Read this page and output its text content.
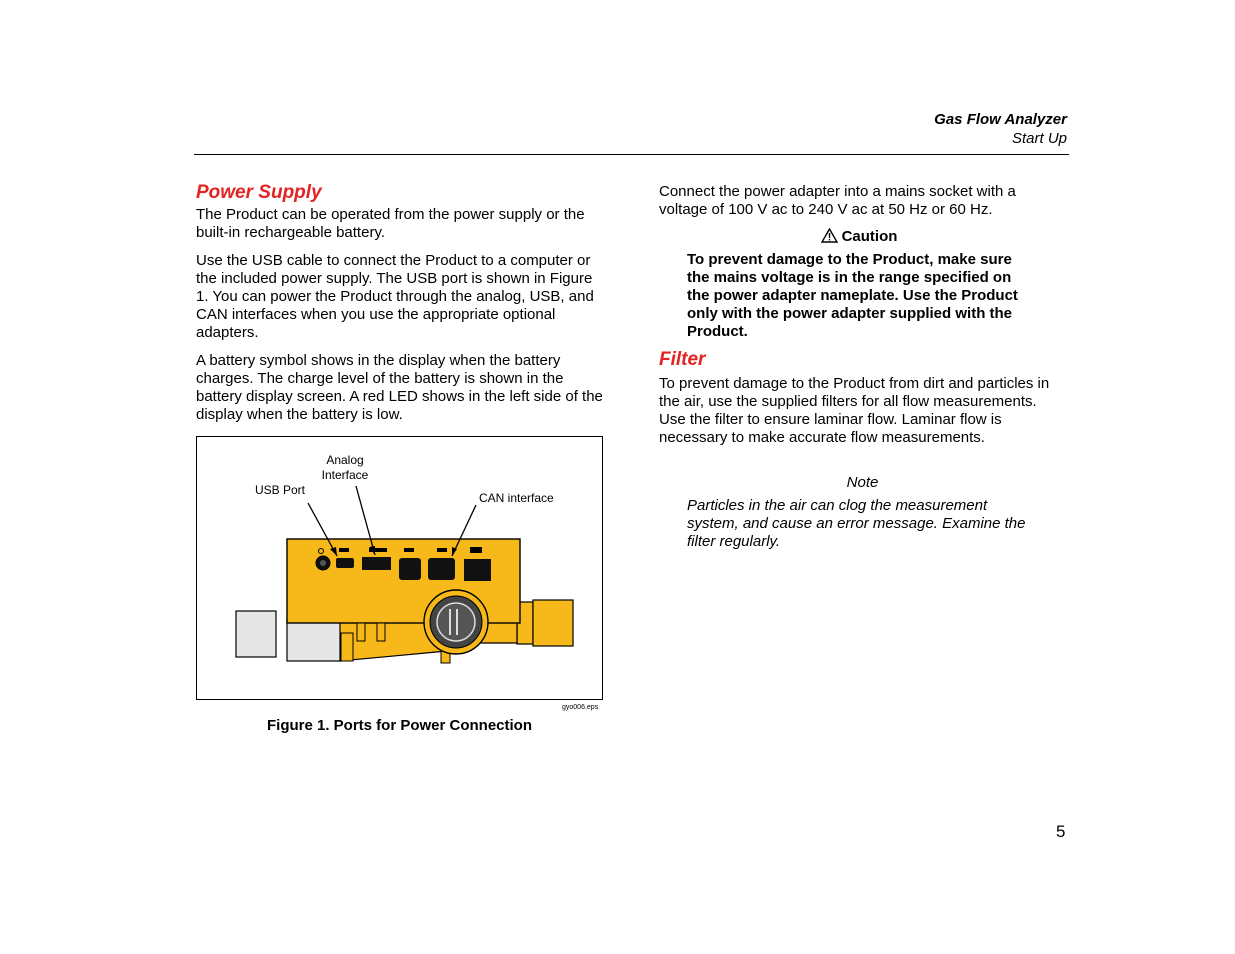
Gas Flow Analyzer
Start Up
Power Supply

The Product can be operated from the power supply or the built-in rechargeable battery.

Use the USB cable to connect the Product to a computer or the included power supply. The USB port is shown in Figure 1. You can power the Product through the analog, USB, and CAN interfaces when you use the appropriate optional adapters.

A battery symbol shows in the display when the battery charges. The charge level of the battery is shown in the battery display screen. A red LED shows in the left side of the display when the battery is low.

Analog
Interface
USB Port
CAN interface
gyo006.eps
Figure 1. Ports for Power Connection

Connect the power adapter into a mains socket with a voltage of 100 V ac to 240 V ac at 50 Hz or 60 Hz.

Caution

To prevent damage to the Product, make sure the mains voltage is in the range specified on the power adapter nameplate. Use the Product only with the power adapter supplied with the Product.

Filter

To prevent damage to the Product from dirt and particles in the air, use the supplied filters for all flow measurements. Use the filter to ensure laminar flow. Laminar flow is necessary to make accurate flow measurements.

Note

Particles in the air can clog the measurement system, and cause an error message. Examine the filter regularly.

5
